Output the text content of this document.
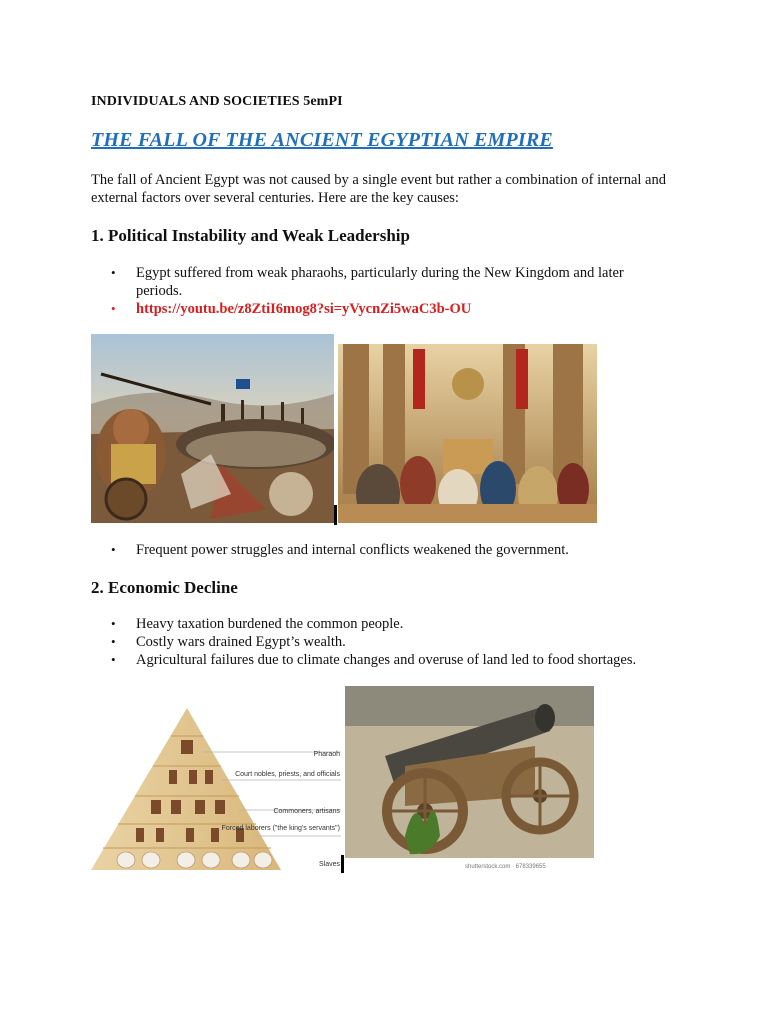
INDIVIDUALS AND SOCIETIES 5emPI

THE FALL OF THE ANCIENT EGYPTIAN EMPIRE

The fall of Ancient Egypt was not caused by a single event but rather a combination of internal and external factors over several centuries. Here are the key causes:

1. Political Instability and Weak Leadership
• Egypt suffered from weak pharaohs, particularly during the New Kingdom and later periods.
• https://youtu.be/z8ZtiI6mog8?si=yVycnZi5waC3b-OU
• Frequent power struggles and internal conflicts weakened the government.
2. Economic Decline
• Heavy taxation burdened the common people.
• Costly wars drained Egypt’s wealth.
• Agricultural failures due to climate changes and overuse of land led to food shortages.
Pharaoh
Court nobles, priests, and officials
Commoners, artisans
Forced laborers ("the king's servants")
Slaves	shutterstock.com · 678339655
